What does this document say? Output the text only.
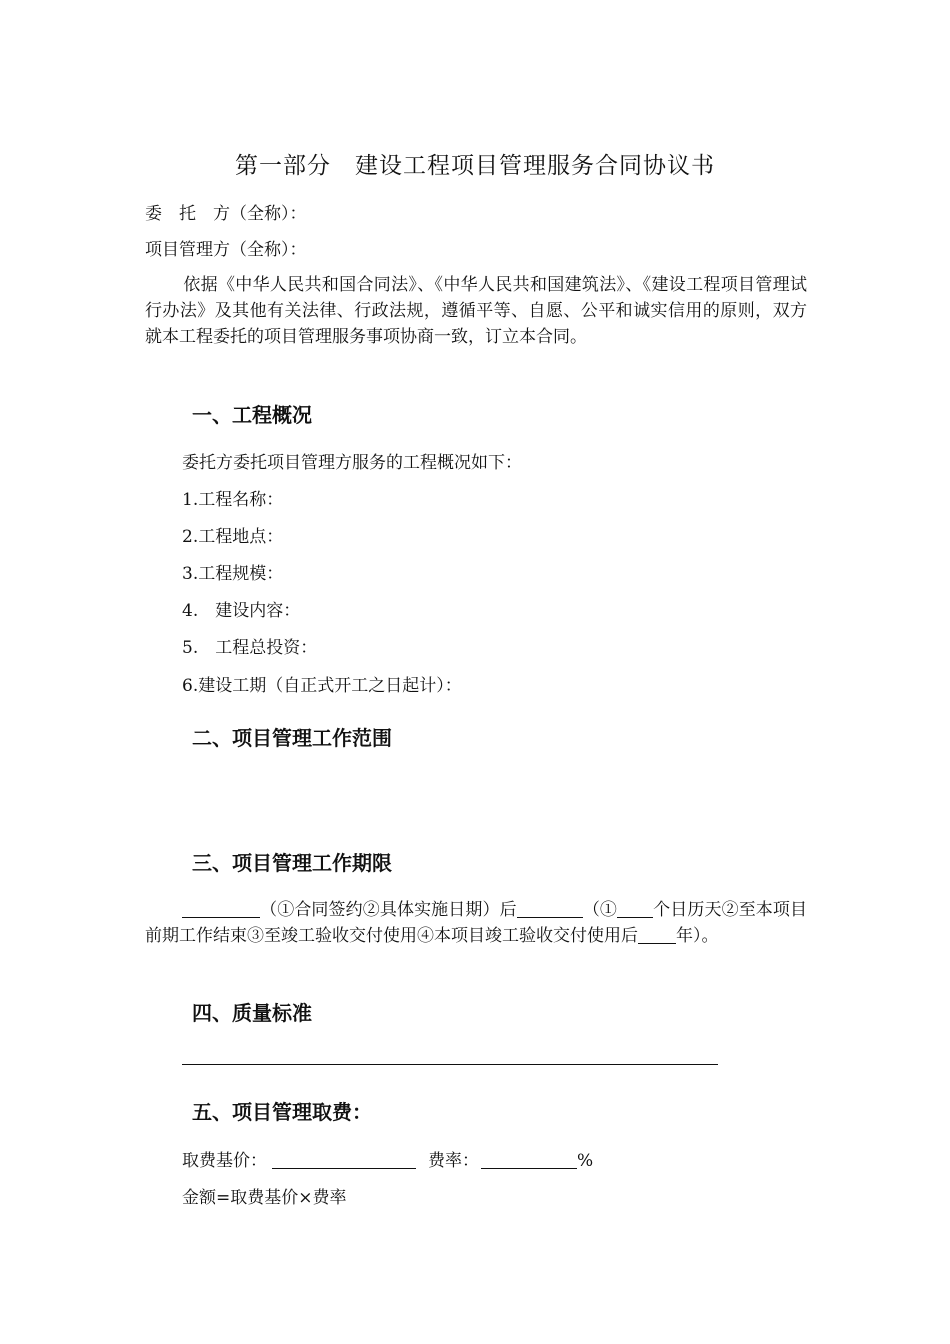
第一部分　建设工程项目管理服务合同协议书
委　托　方（全称）：
项目管理方（全称）：
依据《中华人民共和国合同法》、《中华人民共和国建筑法》、《建设工程项目管理试行办法》及其他有关法律、行政法规，遵循平等、自愿、公平和诚实信用的原则，双方就本工程委托的项目管理服务事项协商一致，订立本合同。
一、工程概况
委托方委托项目管理方服务的工程概况如下：
1.工程名称：
2.工程地点：
3.工程规模：
4.　建设内容：
5.　工程总投资：
6.建设工期（自正式开工之日起计）：
二、项目管理工作范围
三、项目管理工作期限
（①合同签约②具体实施日期）后	（① 个日历天②至本项目前期工作结束③至竣工验收交付使用④本项目竣工验收交付使用后 年）。
四、质量标准
五、项目管理取费：
取费基价：	费率：	%
金额=取费基价×费率
